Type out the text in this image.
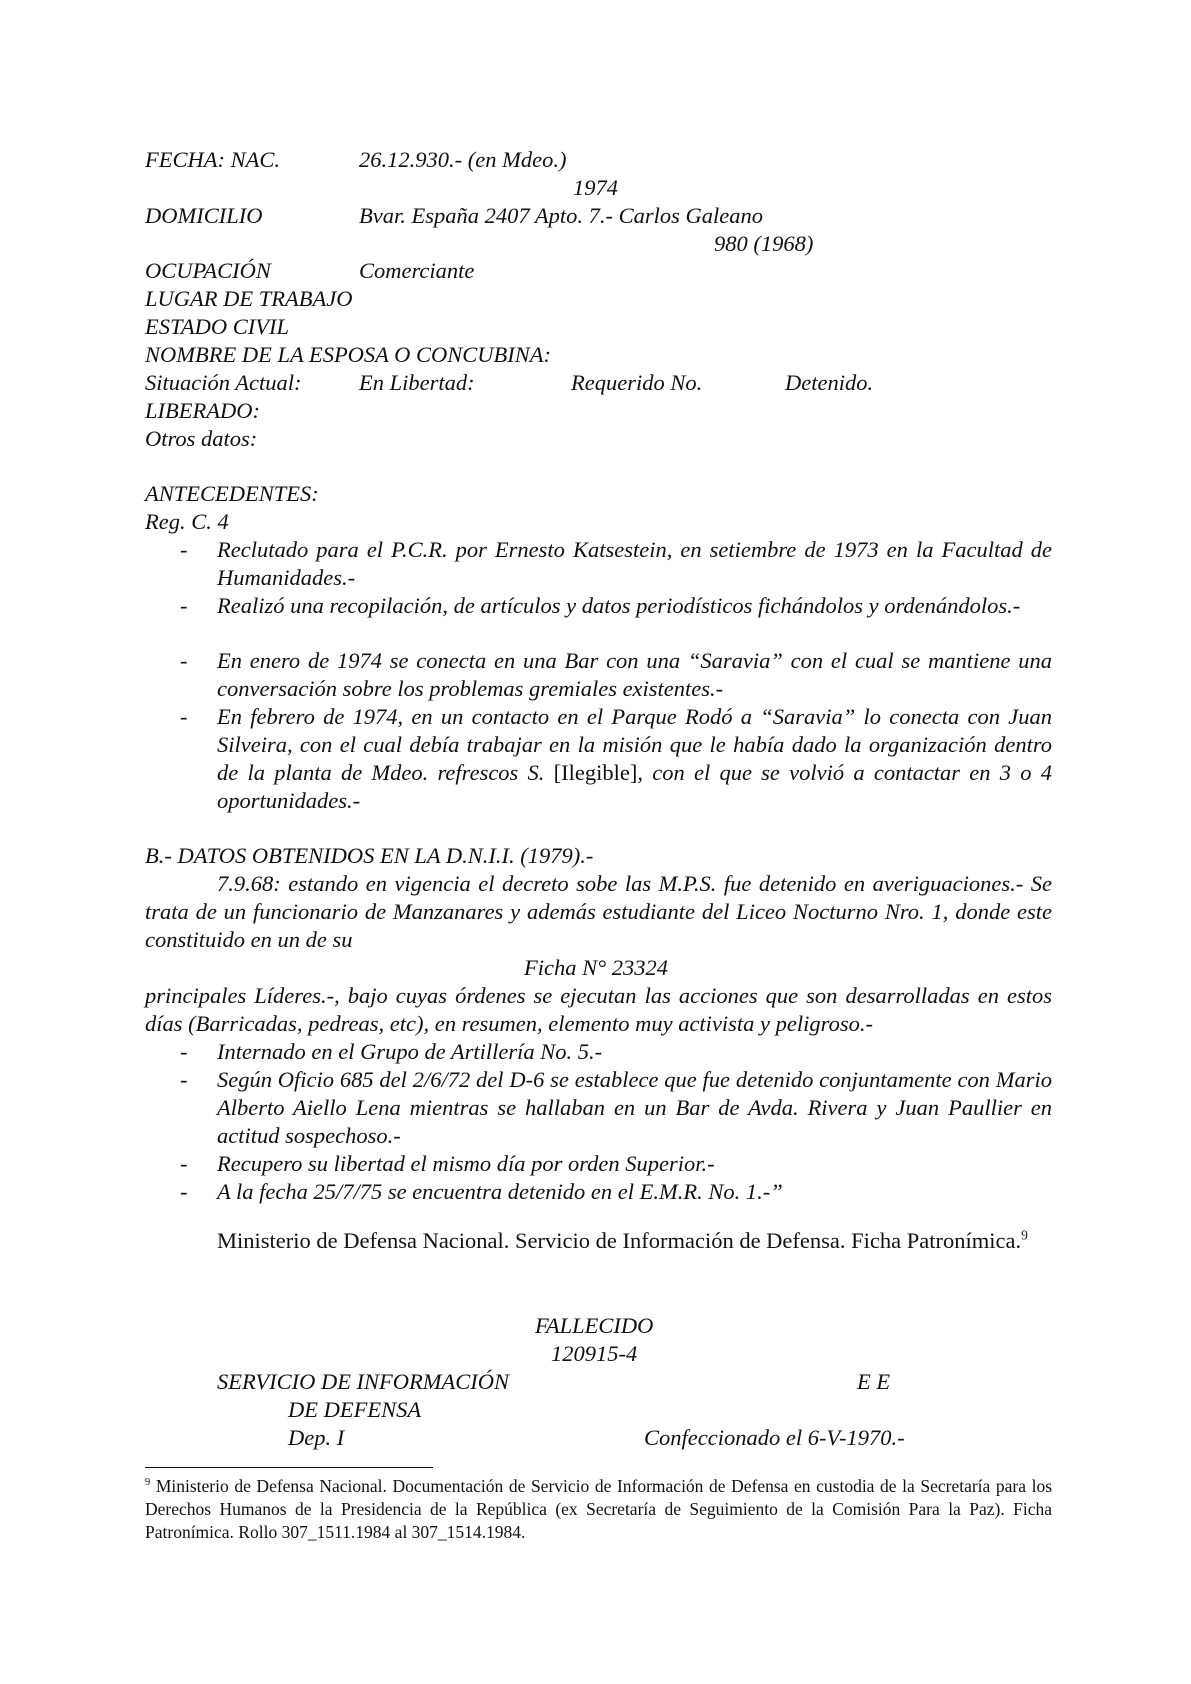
FECHA: NAC.	26.12.930.- (en Mdeo.)
1974
DOMICILIO	Bvar. España 2407 Apto. 7.- Carlos Galeano
980 (1968)
OCUPACIÓN	Comerciante
LUGAR DE TRABAJO
ESTADO CIVIL
NOMBRE DE LA ESPOSA O CONCUBINA:
Situación Actual:	En Libertad:	Requerido No.	Detenido.
LIBERADO:
Otros datos:
ANTECEDENTES:
Reg. C. 4
- Reclutado para el P.C.R. por Ernesto Katsestein, en setiembre de 1973 en la Facultad de Humanidades.-
- Realizó una recopilación, de artículos y datos periodísticos fichándolos y ordenándolos.-
- En enero de 1974 se conecta en una Bar con una “Saravia” con el cual se mantiene una conversación sobre los problemas gremiales existentes.-
- En febrero de 1974, en un contacto en el Parque Rodó a “Saravia” lo conecta con Juan Silveira, con el cual debía trabajar en la misión que le había dado la organización dentro de la planta de Mdeo. refrescos S. [Ilegible], con el que se volvió a contactar en 3 o 4 oportunidades.-
B.- DATOS OBTENIDOS EN LA D.N.I.I. (1979).-
7.9.68: estando en vigencia el decreto sobe las M.P.S. fue detenido en averiguaciones.- Se trata de un funcionario de Manzanares y además estudiante del Liceo Nocturno Nro. 1, donde este constituido en un de su
Ficha N° 23324
principales Líderes.-, bajo cuyas órdenes se ejecutan las acciones que son desarrolladas en estos días (Barricadas, pedreas, etc), en resumen, elemento muy activista y peligroso.-
- Internado en el Grupo de Artillería No. 5.-
- Según Oficio 685 del 2/6/72 del D-6 se establece que fue detenido conjuntamente con Mario Alberto Aiello Lena mientras se hallaban en un Bar de Avda. Rivera y Juan Paullier en actitud sospechoso.-
- Recupero su libertad el mismo día por orden Superior.-
- A la fecha 25/7/75 se encuentra detenido en el E.M.R. No. 1.-”
Ministerio de Defensa Nacional. Servicio de Información de Defensa. Ficha Patronímica.$^9$
FALLECIDO
120915-4
SERVICIO DE INFORMACIÓN	E E
DE DEFENSA
Dep. I	Confeccionado el 6-V-1970.-
$^9$ Ministerio de Defensa Nacional. Documentación de Servicio de Información de Defensa en custodia de la Secretaría para los Derechos Humanos de la Presidencia de la República (ex Secretaría de Seguimiento de la Comisión Para la Paz). Ficha Patronímica. Rollo 307_1511.1984 al 307_1514.1984.
